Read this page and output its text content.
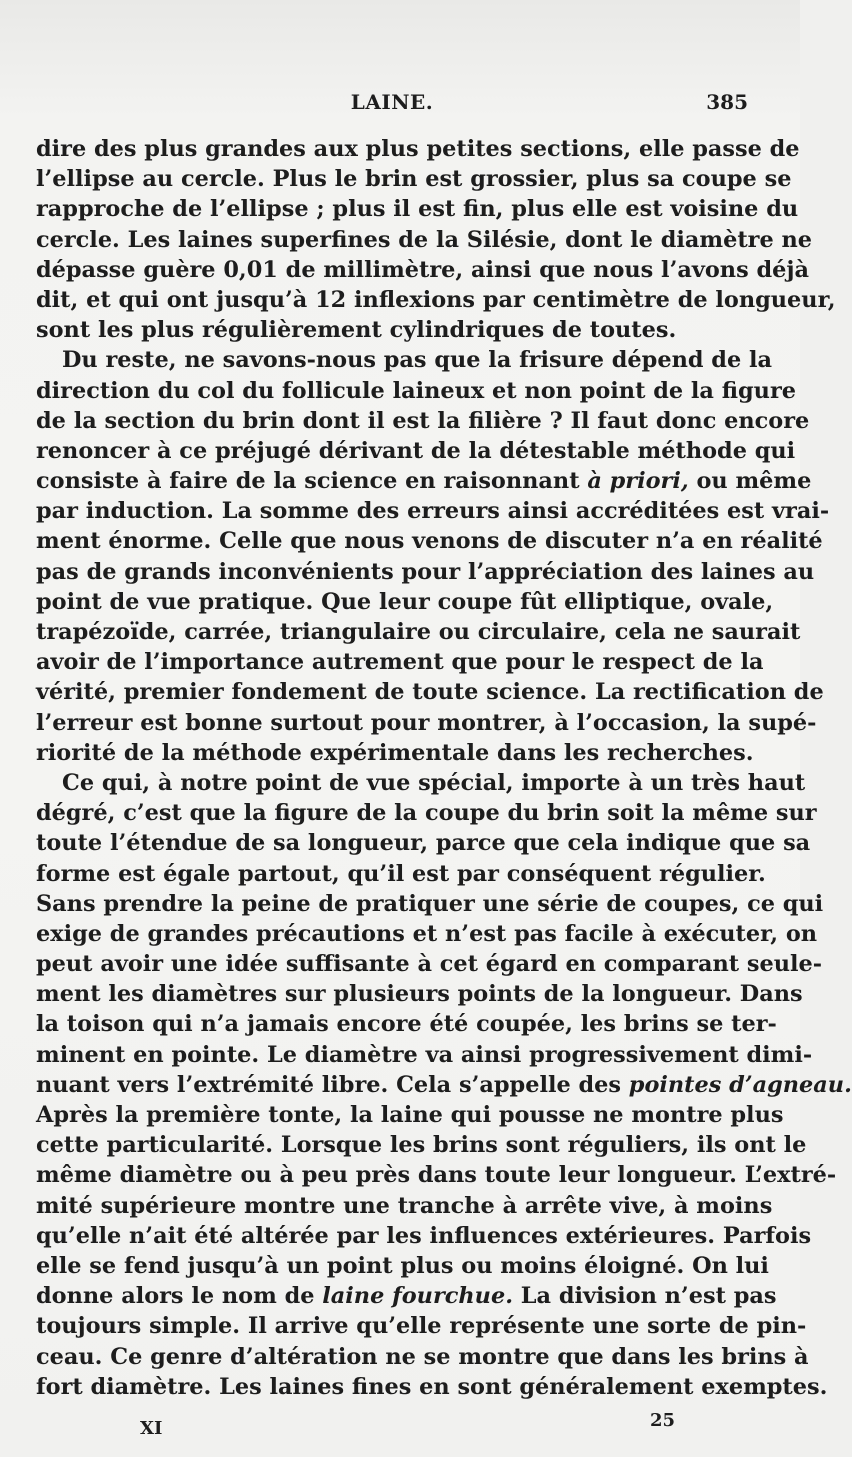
LAINE.	385
dire des plus grandes aux plus petites sections, elle passe de
l’ellipse au cercle. Plus le brin est grossier, plus sa coupe se
rapproche de l’ellipse ; plus il est fin, plus elle est voisine du
cercle. Les laines superfines de la Silésie, dont le diamètre ne
dépasse guère 0,01 de millimètre, ainsi que nous l’avons déjà
dit, et qui ont jusqu’à 12 inflexions par centimètre de longueur,
sont les plus régulièrement cylindriques de toutes.
Du reste, ne savons-nous pas que la frisure dépend de la
direction du col du follicule laineux et non point de la figure
de la section du brin dont il est la filière ? Il faut donc encore
renoncer à ce préjugé dérivant de la détestable méthode qui
consiste à faire de la science en raisonnant à priori, ou même
par induction. La somme des erreurs ainsi accréditées est vrai-
ment énorme. Celle que nous venons de discuter n’a en réalité
pas de grands inconvénients pour l’appréciation des laines au
point de vue pratique. Que leur coupe fût elliptique, ovale,
trapézoïde, carrée, triangulaire ou circulaire, cela ne saurait
avoir de l’importance autrement que pour le respect de la
vérité, premier fondement de toute science. La rectification de
l’erreur est bonne surtout pour montrer, à l’occasion, la supé-
riorité de la méthode expérimentale dans les recherches.
Ce qui, à notre point de vue spécial, importe à un très haut
dégré, c’est que la figure de la coupe du brin soit la même sur
toute l’étendue de sa longueur, parce que cela indique que sa
forme est égale partout, qu’il est par conséquent régulier.
Sans prendre la peine de pratiquer une série de coupes, ce qui
exige de grandes précautions et n’est pas facile à exécuter, on
peut avoir une idée suffisante à cet égard en comparant seule-
ment les diamètres sur plusieurs points de la longueur. Dans
la toison qui n’a jamais encore été coupée, les brins se ter-
minent en pointe. Le diamètre va ainsi progressivement dimi-
nuant vers l’extrémité libre. Cela s’appelle des pointes d’agneau.
Après la première tonte, la laine qui pousse ne montre plus
cette particularité. Lorsque les brins sont réguliers, ils ont le
même diamètre ou à peu près dans toute leur longueur. L’extré-
mité supérieure montre une tranche à arrête vive, à moins
qu’elle n’ait été altérée par les influences extérieures. Parfois
elle se fend jusqu’à un point plus ou moins éloigné. On lui
donne alors le nom de laine fourchue. La division n’est pas
toujours simple. Il arrive qu’elle représente une sorte de pin-
ceau. Ce genre d’altération ne se montre que dans les brins à
fort diamètre. Les laines fines en sont généralement exemptes.
XI	25
